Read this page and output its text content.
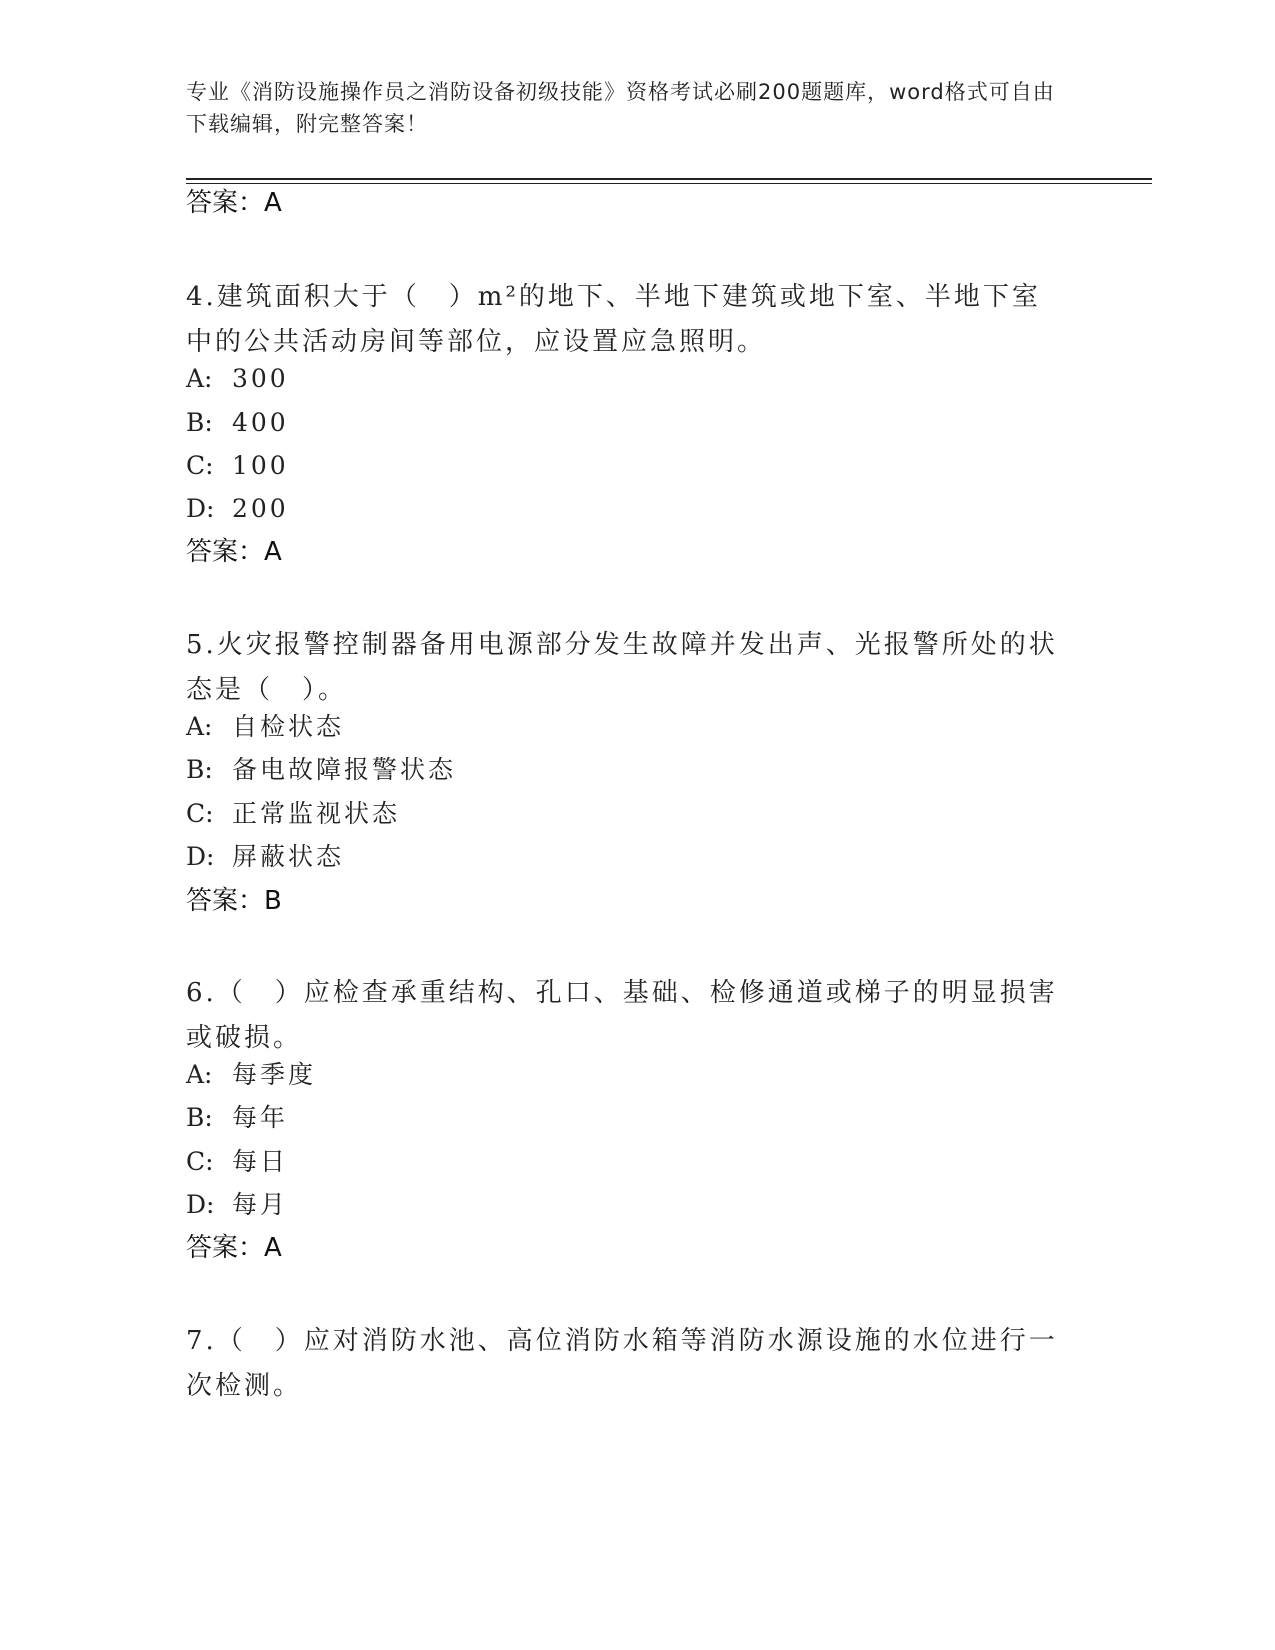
专业《消防设施操作员之消防设备初级技能》资格考试必刷200题题库，word格式可自由下载编辑，附完整答案！
答案：A
4.建筑面积大于（　）m²的地下、半地下建筑或地下室、半地下室中的公共活动房间等部位，应设置应急照明。
A: 300
B: 400
C: 100
D: 200
答案：A
5.火灾报警控制器备用电源部分发生故障并发出声、光报警所处的状态是（　）。
A: 自检状态
B: 备电故障报警状态
C: 正常监视状态
D: 屏蔽状态
答案：B
6.（　）应检查承重结构、孔口、基础、检修通道或梯子的明显损害或破损。
A: 每季度
B: 每年
C: 每日
D: 每月
答案：A
7.（　）应对消防水池、高位消防水箱等消防水源设施的水位进行一次检测。
